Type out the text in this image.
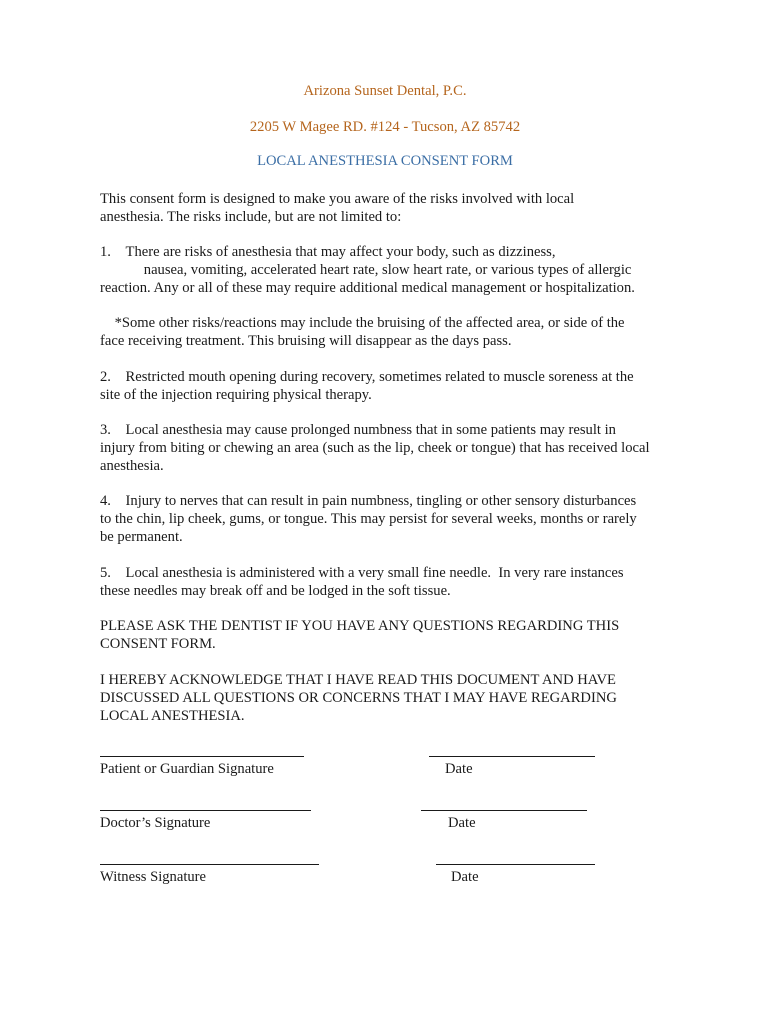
Arizona Sunset Dental, P.C.
2205 W Magee RD. #124 - Tucson, AZ 85742
LOCAL ANESTHESIA CONSENT FORM
This consent form is designed to make you aware of the risks involved with local
anesthesia. The risks include, but are not limited to:
1.    There are risks of anesthesia that may affect your body, such as dizziness,
nausea, vomiting, accelerated heart rate, slow heart rate, or various types of allergic
reaction. Any or all of these may require additional medical management or hospitalization.
*Some other risks/reactions may include the bruising of the affected area, or side of the
face receiving treatment. This bruising will disappear as the days pass.
2.    Restricted mouth opening during recovery, sometimes related to muscle soreness at the
site of the injection requiring physical therapy.
3.    Local anesthesia may cause prolonged numbness that in some patients may result in
injury from biting or chewing an area (such as the lip, cheek or tongue) that has received local
anesthesia.
4.    Injury to nerves that can result in pain numbness, tingling or other sensory disturbances
to the chin, lip cheek, gums, or tongue. This may persist for several weeks, months or rarely
be permanent.
5.    Local anesthesia is administered with a very small fine needle.  In very rare instances
these needles may break off and be lodged in the soft tissue.
PLEASE ASK THE DENTIST IF YOU HAVE ANY QUESTIONS REGARDING THIS
CONSENT FORM.
I HEREBY ACKNOWLEDGE THAT I HAVE READ THIS DOCUMENT AND HAVE
DISCUSSED ALL QUESTIONS OR CONCERNS THAT I MAY HAVE REGARDING
LOCAL ANESTHESIA.
Patient or Guardian Signature	Date
Doctor’s Signature	Date
Witness Signature	Date
